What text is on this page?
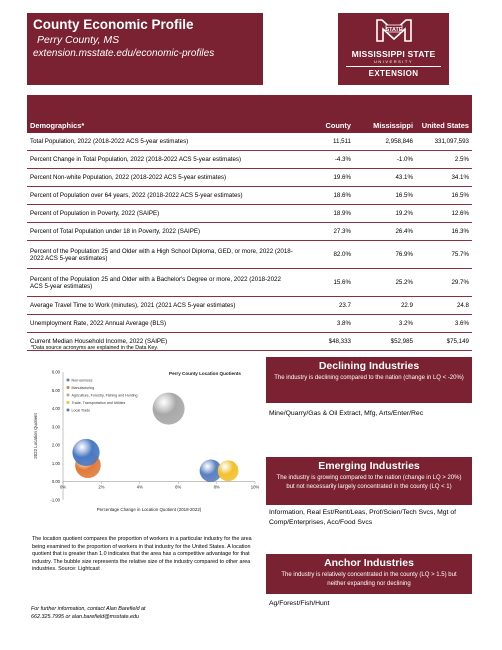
County Economic Profile
Perry County, MS
extension.msstate.edu/economic-profiles
STATE
MISSISSIPPI STATE
UNIVERSITY
EXTENSION
Demographics*	County	Mississippi	United States
Total Population, 2022 (2018-2022 ACS 5-year estimates)	11,511	2,958,846	331,097,593
Percent Change in Total Population, 2022 (2018-2022 ACS 5-year estimates)	-4.3%	-1.0%	2.5%
Percent Non-white Population, 2022 (2018-2022 ACS 5-year estimates)	19.6%	43.1%	34.1%
Percent of Population over 64 years, 2022 (2018-2022 ACS 5-year estimates)	18.6%	16.5%	16.5%
Percent of Population in Poverty, 2022 (SAIPE)	18.9%	19.2%	12.6%
Percent of Total Population under 18 in Poverty, 2022 (SAIPE)	27.3%	26.4%	16.3%
Percent of the Population 25 and Older with a High School Diploma, GED, or more, 2022 (2018-2022 ACS 5-year estimates)	82.0%	76.9%	75.7%
Percent of the Population 25 and Older with a Bachelor's Degree or more, 2022 (2018-2022 ACS 5-year estimates)	15.6%	25.2%	29.7%
Average Travel Time to Work (minutes), 2021 (2021 ACS 5-year estimates)	23.7	22.9	24.8
Unemployment Rate, 2022 Annual Average (BLS)	3.8%	3.2%	3.6%
Current Median Household Income, 2022 (SAIPE)	$48,333	$52,985	$75,149
*Data source acronyms are explained in the Data Key.
-1.00
0.00
1.00
2.00
3.00
4.00
5.00
6.00
0%	2%	4%	6%	8%	10%
Non-services
Manufacturing
Agriculture, Forestry, Fishing and Hunting
Trade, Transportation and Utilities
Local Trade
Perry County Location Quotients
Percentage Change in Location Quotient (2018-2022)
2022 Location Quotient
The location quotient compares the proportion of workers in a particular industry for the area being examined to the proportion of workers in that industry for the United States. A location quotient that is greater than 1.0 indicates that the area has a competitive advantage for that industry. The bubble size represents the relative size of the industry compared to other area industries. Source: Lightcast
For further information, contact Alan Barefield at
662.325.7995 or alan.barefield@msstate.edu
Declining Industries
The industry is declining compared to the nation (change in LQ < -20%)
Mine/Quarry/Gas & Oil Extract, Mfg, Arts/Enter/Rec
Emerging Industries
The industry is growing compared to the nation (change in LQ > 20%) but not necessarily largely concentrated in the county (LQ < 1)
Information, Real Est/Rent/Leas, Prof/Scien/Tech Svcs, Mgt of Comp/Enterprises, Acc/Food Svcs
Anchor Industries
The industry is relatively concentrated in the county (LQ > 1.5) but neither expanding nor declining
Ag/Forest/Fish/Hunt
